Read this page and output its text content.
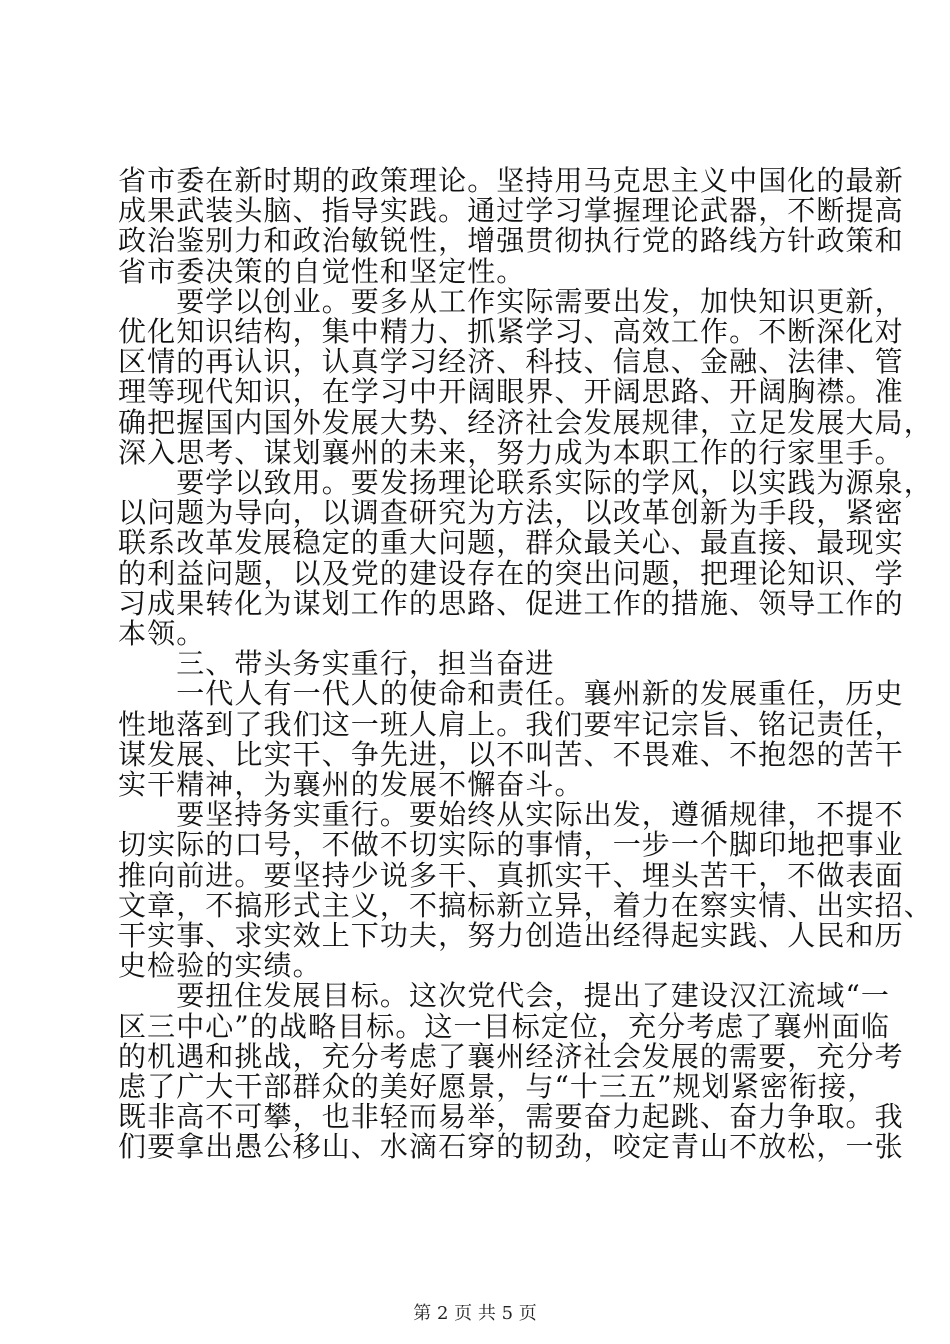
省市委在新时期的政策理论。坚持用马克思主义中国化的最新
成果武装头脑、指导实践。通过学习掌握理论武器，不断提高
政治鉴别力和政治敏锐性，增强贯彻执行党的路线方针政策和
省市委决策的自觉性和坚定性。
　　要学以创业。要多从工作实际需要出发，加快知识更新，
优化知识结构，集中精力、抓紧学习、高效工作。不断深化对
区情的再认识，认真学习经济、科技、信息、金融、法律、管
理等现代知识，在学习中开阔眼界、开阔思路、开阔胸襟。准
确把握国内国外发展大势、经济社会发展规律，立足发展大局，
深入思考、谋划襄州的未来，努力成为本职工作的行家里手。
　　要学以致用。要发扬理论联系实际的学风，以实践为源泉，
以问题为导向，以调查研究为方法，以改革创新为手段，紧密
联系改革发展稳定的重大问题，群众最关心、最直接、最现实
的利益问题，以及党的建设存在的突出问题，把理论知识、学
习成果转化为谋划工作的思路、促进工作的措施、领导工作的
本领。
　　三、带头务实重行，担当奋进
　　一代人有一代人的使命和责任。襄州新的发展重任，历史
性地落到了我们这一班人肩上。我们要牢记宗旨、铭记责任，
谋发展、比实干、争先进，以不叫苦、不畏难、不抱怨的苦干
实干精神，为襄州的发展不懈奋斗。
　　要坚持务实重行。要始终从实际出发，遵循规律，不提不
切实际的口号，不做不切实际的事情，一步一个脚印地把事业
推向前进。要坚持少说多干、真抓实干、埋头苦干，不做表面
文章，不搞形式主义，不搞标新立异，着力在察实情、出实招、
干实事、求实效上下功夫，努力创造出经得起实践、人民和历
史检验的实绩。
　　要扭住发展目标。这次党代会，提出了建设汉江流域“一
区三中心”的战略目标。这一目标定位，充分考虑了襄州面临
的机遇和挑战，充分考虑了襄州经济社会发展的需要，充分考
虑了广大干部群众的美好愿景，与“十三五”规划紧密衔接，
既非高不可攀，也非轻而易举，需要奋力起跳、奋力争取。我
们要拿出愚公移山、水滴石穿的韧劲，咬定青山不放松，一张
第 2 页 共 5 页
